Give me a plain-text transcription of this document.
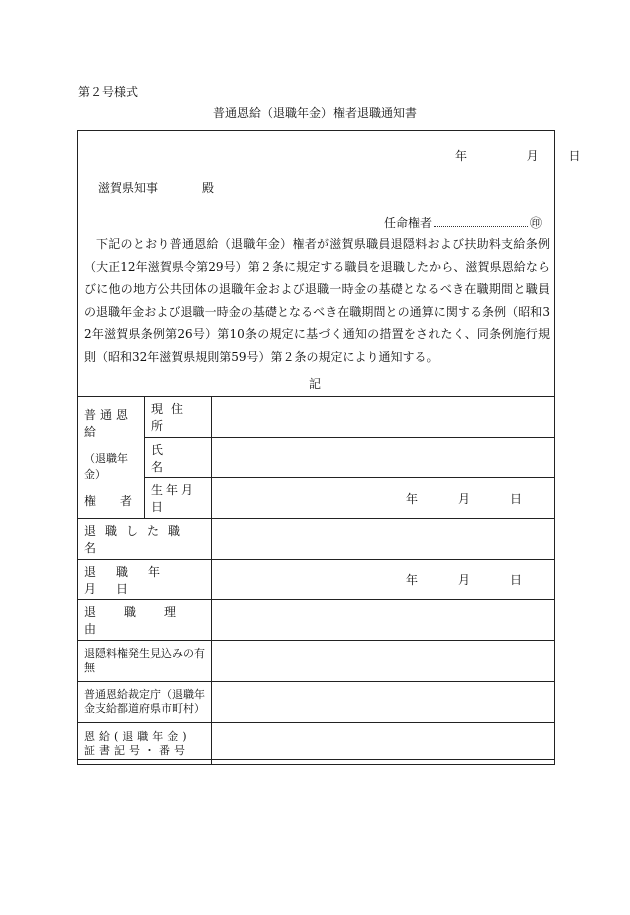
第２号様式
普通恩給（退職年金）権者退職通知書
年	月 日
滋賀県知事	殿
任命権者	㊞
下記のとおり普通恩給（退職年金）権者が滋賀県職員退隠料および扶助料支給条例（大正12年滋賀県令第29号）第２条に規定する職員を退職したから、滋賀県恩給ならびに他の地方公共団体の退職年金および退職一時金の基礎となるべき在職期間と職員の退職年金および退職一時金の基礎となるべき在職期間との通算に関する条例（昭和32年滋賀県条例第26号）第10条の規定に基づく通知の措置をされたく、同条例施行規則（昭和32年滋賀県規則第59号）第２条の規定により通知する。
記
普通恩給
（退職年金）
権　　者	現住所	

	氏名	

	生年月日	年 月 日

退職した職名		

退職年月日		年 月 日

退職理由		

退隠料権発生見込みの有無		

普通恩給裁定庁（退職年金支給都道府県市町村）		

恩給(退職年金)
証書記号・番号		
